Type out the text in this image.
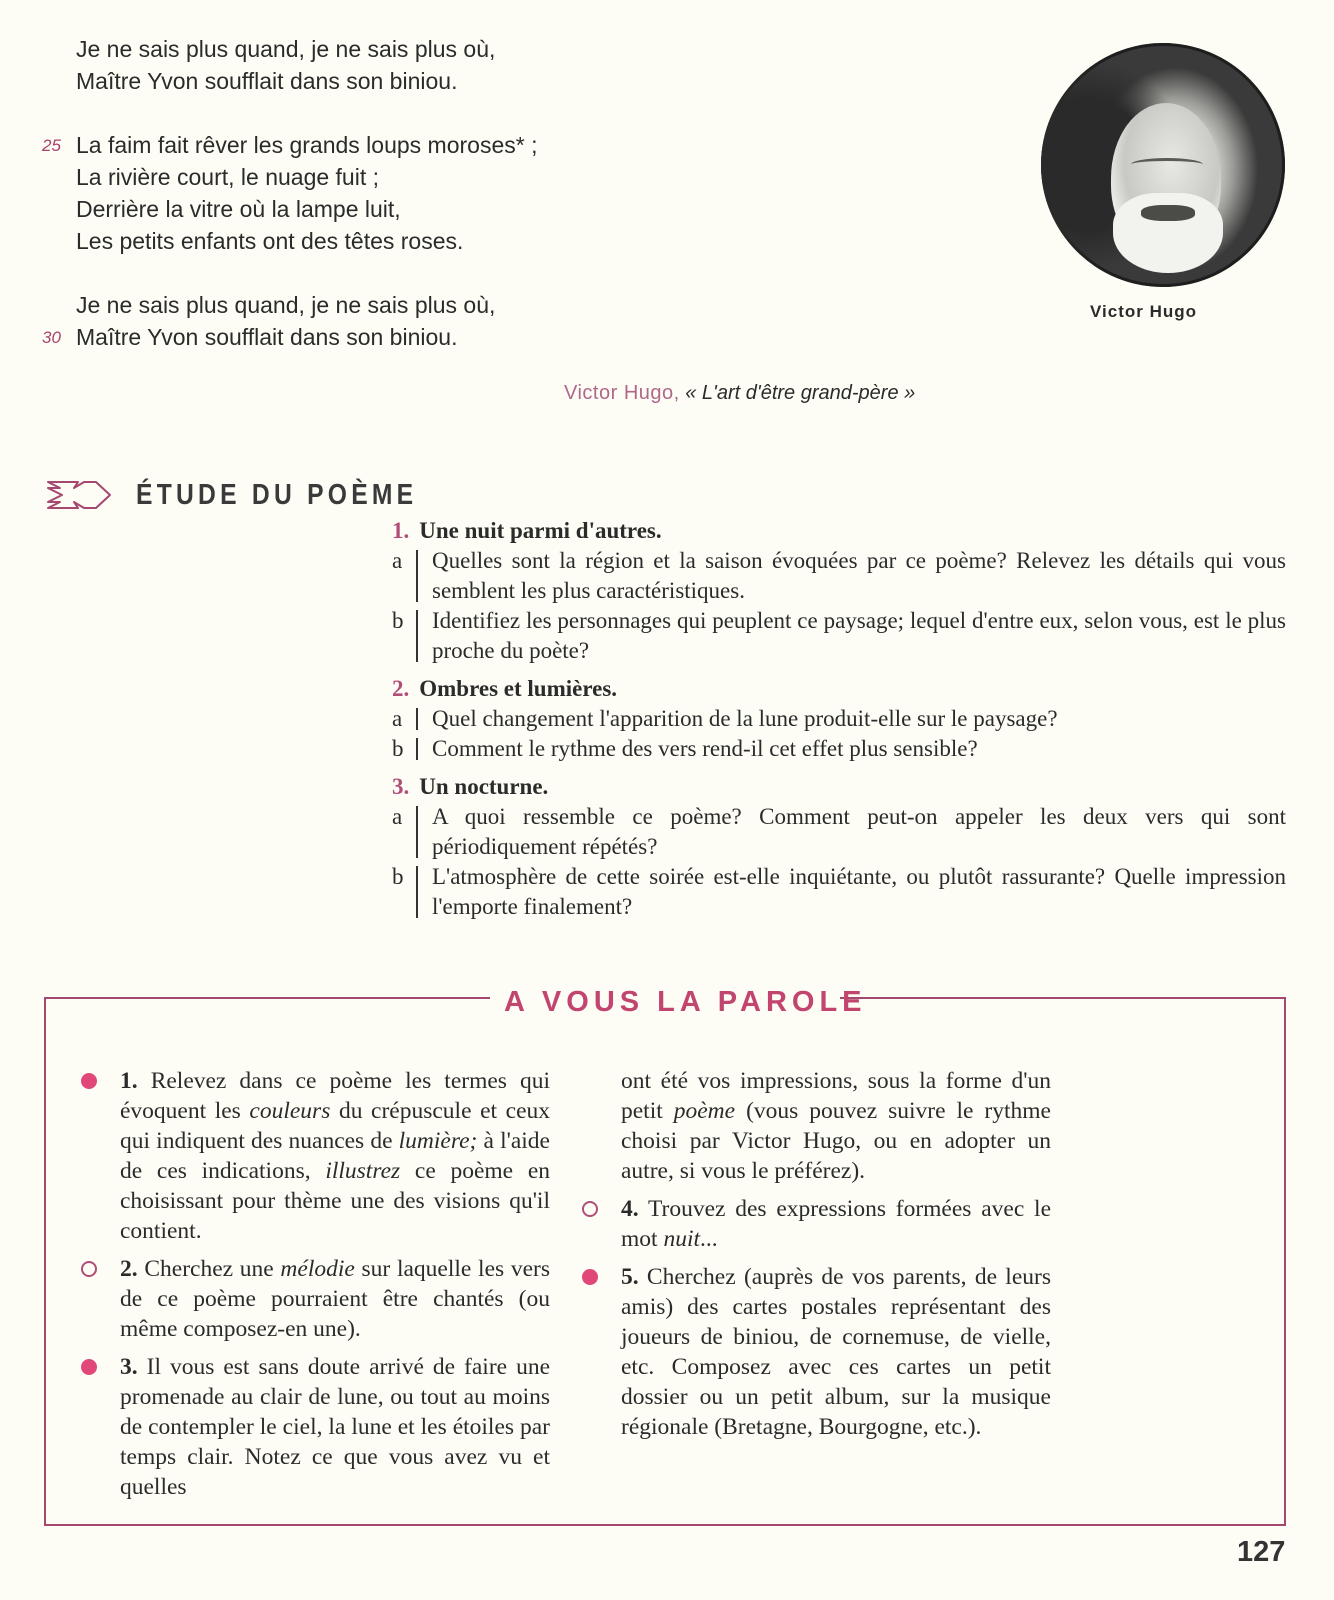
Je ne sais plus quand, je ne sais plus où,
Maître Yvon soufflait dans son biniou.
La faim fait rêver les grands loups moroses* ;
25
La rivière court, le nuage fuit ;
Derrière la vitre où la lampe luit,
Les petits enfants ont des têtes roses.
Je ne sais plus quand, je ne sais plus où,
Maître Yvon soufflait dans son biniou.
30
Victor Hugo, « L'art d'être grand-père »
Victor Hugo
ÉTUDE DU POÈME
1. Une nuit parmi d'autres.
a	Quelles sont la région et la saison évoquées par ce poème? Relevez les détails qui vous semblent les plus caractéristiques.
b	Identifiez les personnages qui peuplent ce paysage; lequel d'entre eux, selon vous, est le plus proche du poète?
2. Ombres et lumières.
a	Quel changement l'apparition de la lune produit-elle sur le paysage?
b	Comment le rythme des vers rend-il cet effet plus sensible?
3. Un nocturne.
a	A quoi ressemble ce poème? Comment peut-on appeler les deux vers qui sont périodiquement répétés?
b	L'atmosphère de cette soirée est-elle inquiétante, ou plutôt rassurante? Quelle impression l'emporte finalement?
A VOUS LA PAROLE
1. Relevez dans ce poème les termes qui évoquent les couleurs du crépuscule et ceux qui indiquent des nuances de lumière; à l'aide de ces indications, illustrez ce poème en choisissant pour thème une des visions qu'il contient.
2. Cherchez une mélodie sur laquelle les vers de ce poème pourraient être chantés (ou même composez-en une).
3. Il vous est sans doute arrivé de faire une promenade au clair de lune, ou tout au moins de contempler le ciel, la lune et les étoiles par temps clair. Notez ce que vous avez vu et quelles
ont été vos impressions, sous la forme d'un petit poème (vous pouvez suivre le rythme choisi par Victor Hugo, ou en adopter un autre, si vous le préférez).
4. Trouvez des expressions formées avec le mot nuit...
5. Cherchez (auprès de vos parents, de leurs amis) des cartes postales représentant des joueurs de biniou, de cornemuse, de vielle, etc. Composez avec ces cartes un petit dossier ou un petit album, sur la musique régionale (Bretagne, Bourgogne, etc.).
127
